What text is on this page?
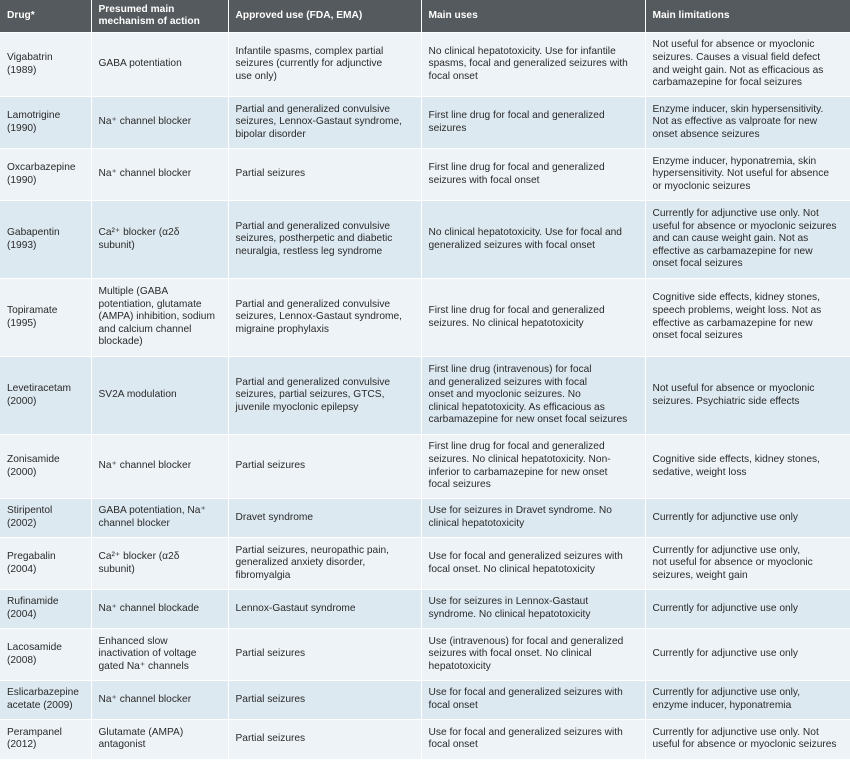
Drug*	Presumed main
mechanism of action	Approved use (FDA, EMA)	Main uses	Main limitations
Vigabatrin
(1989)	GABA potentiation	Infantile spasms, complex partial
seizures (currently for adjunctive
use only)	No clinical hepatotoxicity. Use for infantile
spasms, focal and generalized seizures with
focal onset	Not useful for absence or myoclonic
seizures. Causes a visual field defect
and weight gain. Not as efficacious as
carbamazepine for focal seizures
Lamotrigine
(1990)	Na⁺ channel blocker	Partial and generalized convulsive
seizures, Lennox-Gastaut syndrome,
bipolar disorder	First line drug for focal and generalized
seizures	Enzyme inducer, skin hypersensitivity.
Not as effective as valproate for new
onset absence seizures
Oxcarbazepine
(1990)	Na⁺ channel blocker	Partial seizures	First line drug for focal and generalized
seizures with focal onset	Enzyme inducer, hyponatremia, skin
hypersensitivity. Not useful for absence
or myoclonic seizures
Gabapentin
(1993)	Ca²⁺ blocker (α2δ
subunit)	Partial and generalized convulsive
seizures, postherpetic and diabetic
neuralgia, restless leg syndrome	No clinical hepatotoxicity. Use for focal and
generalized seizures with focal onset	Currently for adjunctive use only. Not
useful for absence or myoclonic seizures
and can cause weight gain. Not as
effective as carbamazepine for new
onset focal seizures
Topiramate
(1995)	Multiple (GABA
potentiation, glutamate
(AMPA) inhibition, sodium
and calcium channel
blockade)	Partial and generalized convulsive
seizures, Lennox-Gastaut syndrome,
migraine prophylaxis	First line drug for focal and generalized
seizures. No clinical hepatotoxicity	Cognitive side effects, kidney stones,
speech problems, weight loss. Not as
effective as carbamazepine for new
onset focal seizures
Levetiracetam
(2000)	SV2A modulation	Partial and generalized convulsive
seizures, partial seizures, GTCS,
juvenile myoclonic epilepsy	First line drug (intravenous) for focal
and generalized seizures with focal
onset and myoclonic seizures. No
clinical hepatotoxicity. As efficacious as
carbamazepine for new onset focal seizures	Not useful for absence or myoclonic
seizures. Psychiatric side effects
Zonisamide
(2000)	Na⁺ channel blocker	Partial seizures	First line drug for focal and generalized
seizures. No clinical hepatotoxicity. Non-
inferior to carbamazepine for new onset
focal seizures	Cognitive side effects, kidney stones,
sedative, weight loss
Stiripentol
(2002)	GABA potentiation, Na⁺
channel blocker	Dravet syndrome	Use for seizures in Dravet syndrome. No
clinical hepatotoxicity	Currently for adjunctive use only
Pregabalin
(2004)	Ca²⁺ blocker (α2δ
subunit)	Partial seizures, neuropathic pain,
generalized anxiety disorder,
fibromyalgia	Use for focal and generalized seizures with
focal onset. No clinical hepatotoxicity	Currently for adjunctive use only,
not useful for absence or myoclonic
seizures, weight gain
Rufinamide
(2004)	Na⁺ channel blockade	Lennox-Gastaut syndrome	Use for seizures in Lennox-Gastaut
syndrome. No clinical hepatotoxicity	Currently for adjunctive use only
Lacosamide
(2008)	Enhanced slow
inactivation of voltage
gated Na⁺ channels	Partial seizures	Use (intravenous) for focal and generalized
seizures with focal onset. No clinical
hepatotoxicity	Currently for adjunctive use only
Eslicarbazepine
acetate (2009)	Na⁺ channel blocker	Partial seizures	Use for focal and generalized seizures with
focal onset	Currently for adjunctive use only,
enzyme inducer, hyponatremia
Perampanel
(2012)	Glutamate (AMPA)
antagonist	Partial seizures	Use for focal and generalized seizures with
focal onset	Currently for adjunctive use only. Not
useful for absence or myoclonic seizures
